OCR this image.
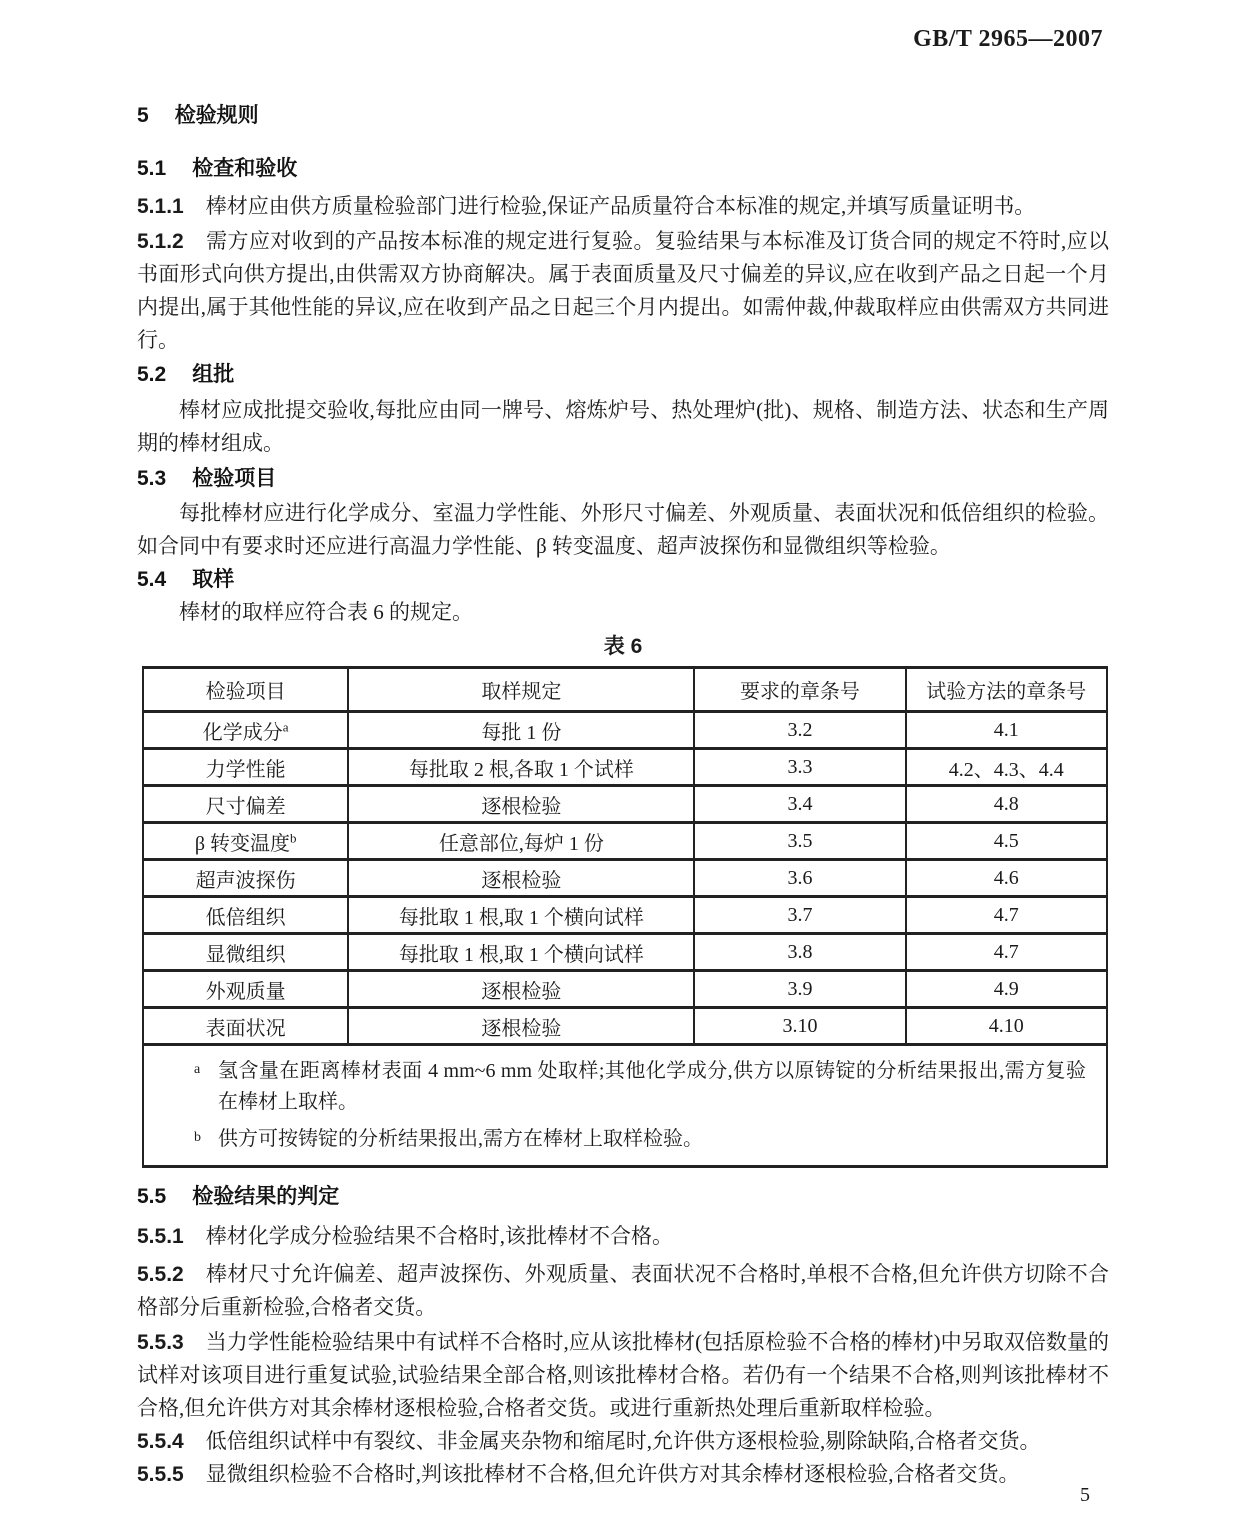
GB/T 2965—2007
5 检验规则
5.1 检查和验收

5.1.1 棒材应由供方质量检验部门进行检验,保证产品质量符合本标准的规定,并填写质量证明书。

5.1.2 需方应对收到的产品按本标准的规定进行复验。复验结果与本标准及订货合同的规定不符时,应以书面形式向供方提出,由供需双方协商解决。属于表面质量及尺寸偏差的异议,应在收到产品之日起一个月内提出,属于其他性能的异议,应在收到产品之日起三个月内提出。如需仲裁,仲裁取样应由供需双方共同进行。

5.2 组批

棒材应成批提交验收,每批应由同一牌号、熔炼炉号、热处理炉(批)、规格、制造方法、状态和生产周期的棒材组成。

5.3 检验项目

每批棒材应进行化学成分、室温力学性能、外形尺寸偏差、外观质量、表面状况和低倍组织的检验。如合同中有要求时还应进行高温力学性能、β 转变温度、超声波探伤和显微组织等检验。

5.4 取样

棒材的取样应符合表 6 的规定。

表 6
检验项目	取样规定	要求的章条号	试验方法的章条号
化学成分$^a$	每批 1 份	3.2	4.1
力学性能	每批取 2 根,各取 1 个试样	3.3	4.2、4.3、4.4
尺寸偏差	逐根检验	3.4	4.8
β 转变温度$^b$	任意部位,每炉 1 份	3.5	4.5
超声波探伤	逐根检验	3.6	4.6
低倍组织	每批取 1 根,取 1 个横向试样	3.7	4.7
显微组织	每批取 1 根,取 1 个横向试样	3.8	4.7
外观质量	逐根检验	3.9	4.9
表面状况	逐根检验	3.10	4.10

a 氢含量在距离棒材表面 4 mm~6 mm 处取样;其他化学成分,供方以原铸锭的分析结果报出,需方复验在棒材上取样。
b 供方可按铸锭的分析结果报出,需方在棒材上取样检验。			
5.5 检验结果的判定

5.5.1 棒材化学成分检验结果不合格时,该批棒材不合格。

5.5.2 棒材尺寸允许偏差、超声波探伤、外观质量、表面状况不合格时,单根不合格,但允许供方切除不合格部分后重新检验,合格者交货。

5.5.3 当力学性能检验结果中有试样不合格时,应从该批棒材(包括原检验不合格的棒材)中另取双倍数量的试样对该项目进行重复试验,试验结果全部合格,则该批棒材合格。若仍有一个结果不合格,则判该批棒材不合格,但允许供方对其余棒材逐根检验,合格者交货。或进行重新热处理后重新取样检验。

5.5.4 低倍组织试样中有裂纹、非金属夹杂物和缩尾时,允许供方逐根检验,剔除缺陷,合格者交货。

5.5.5 显微组织检验不合格时,判该批棒材不合格,但允许供方对其余棒材逐根检验,合格者交货。

5
